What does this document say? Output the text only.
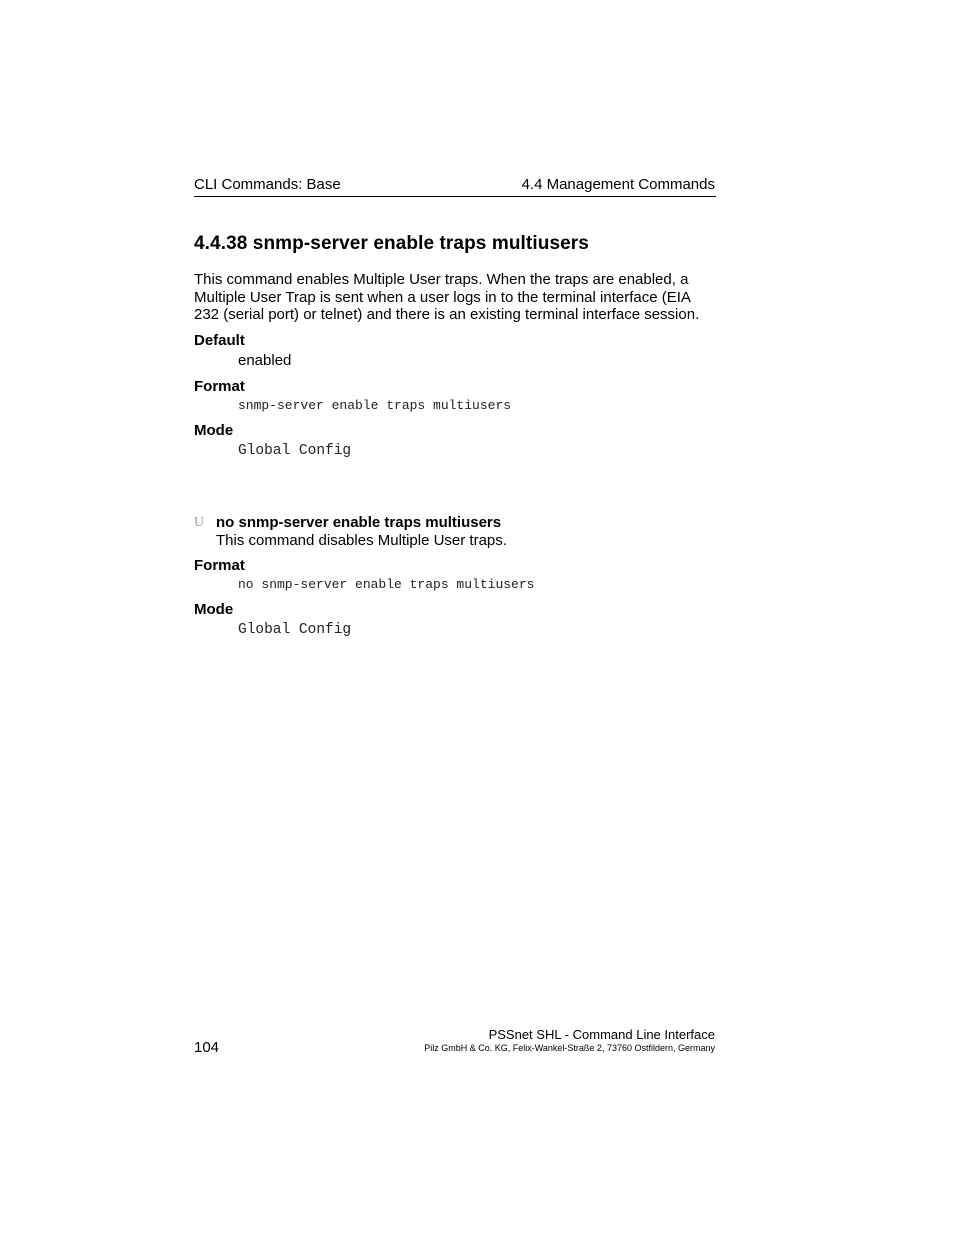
CLI Commands: Base	4.4 Management Commands
4.4.38 snmp-server enable traps multiusers
This command enables Multiple User traps. When the traps are enabled, a
Multiple User Trap is sent when a user logs in to the terminal interface (EIA
232 (serial port) or telnet) and there is an existing terminal interface session.
Default
enabled
Format
snmp-server enable traps multiusers
Mode
Global Config
U no snmp-server enable traps multiusers
This command disables Multiple User traps.
Format
no snmp-server enable traps multiusers
Mode
Global Config
104
PSSnet SHL - Command Line Interface
Pilz GmbH & Co. KG, Felix-Wankel-Straße 2, 73760 Ostfildern, Germany
